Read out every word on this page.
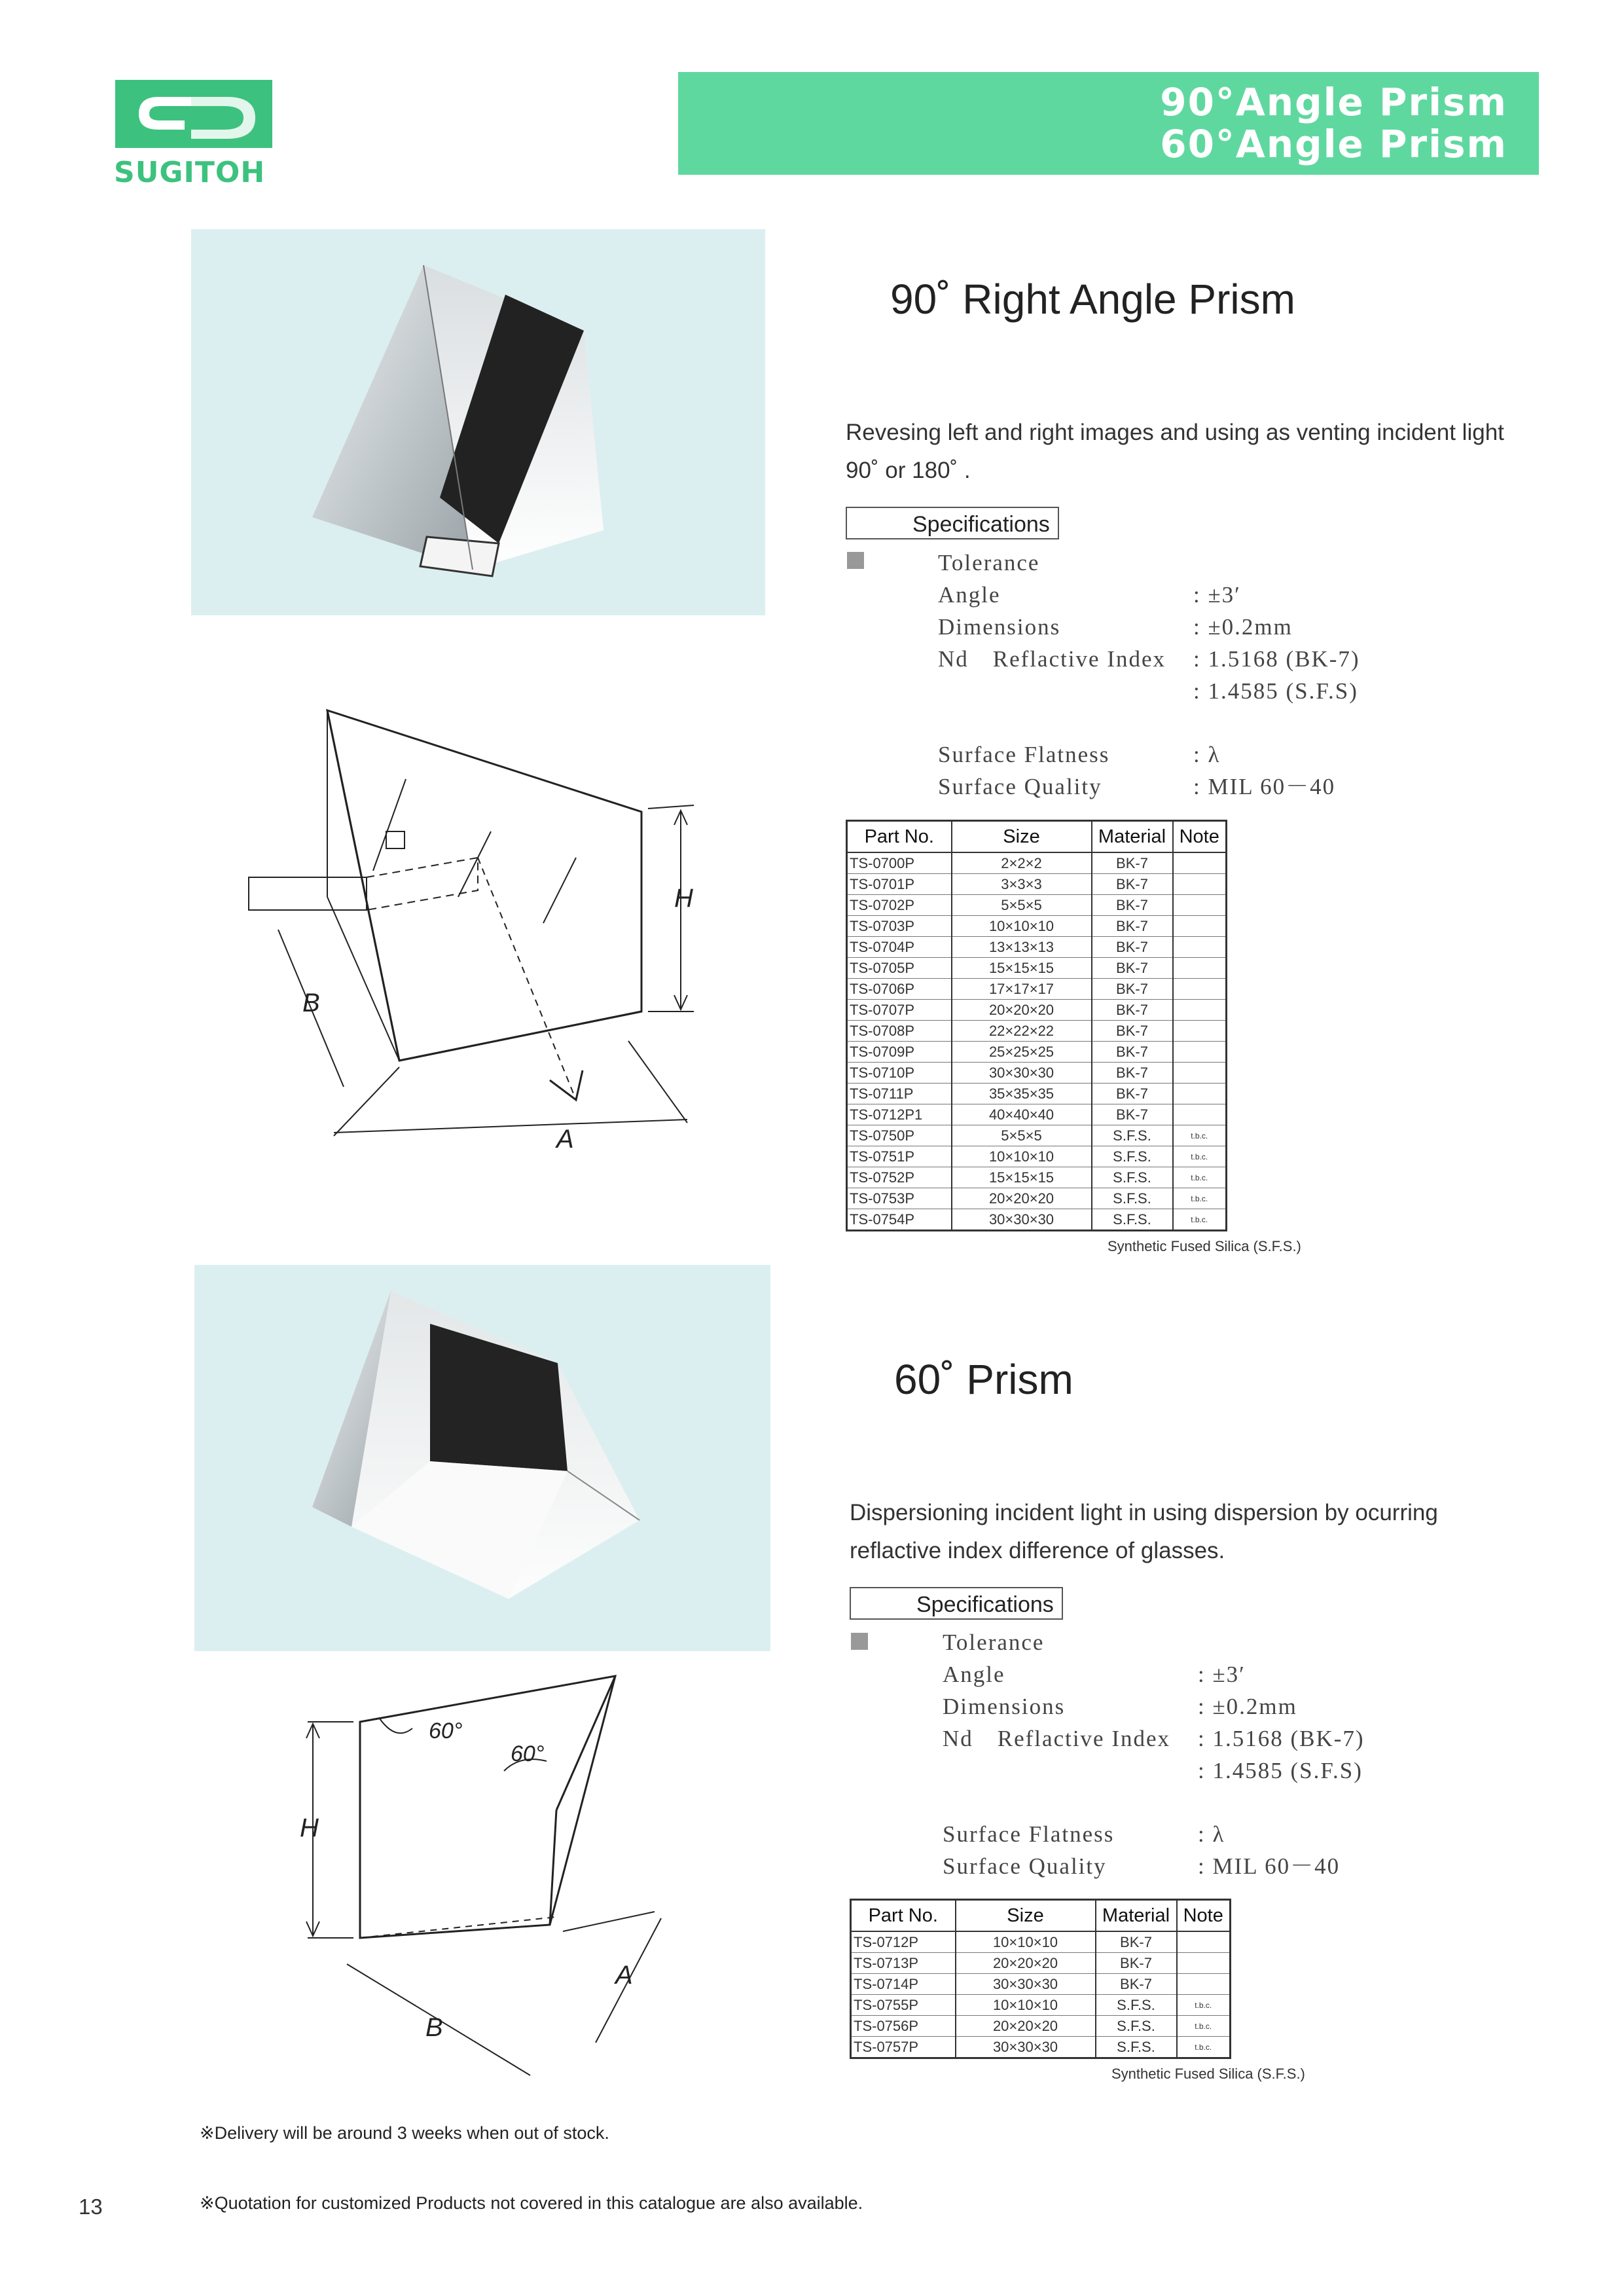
SUGITOH
90°Angle Prism
60°Angle Prism
90˚ Right Angle Prism
Revesing left and right images and using as venting incident light
90˚ or 180˚ .
Specifications
Tolerance
Angle	: ±3′
Dimensions	: ±0.2mm
Nd　Reflactive Index : 1.5168 (BK-7)
: 1.4585 (S.F.S)
Surface Flatness	: λ
Surface Quality	: MIL 60－40
H
B
A
Part No.	Size	Material	Note
TS-0700P	2×2×2	BK-7	
TS-0701P	3×3×3	BK-7	
TS-0702P	5×5×5	BK-7	
TS-0703P	10×10×10	BK-7	
TS-0704P	13×13×13	BK-7	
TS-0705P	15×15×15	BK-7	
TS-0706P	17×17×17	BK-7	
TS-0707P	20×20×20	BK-7	
TS-0708P	22×22×22	BK-7	
TS-0709P	25×25×25	BK-7	
TS-0710P	30×30×30	BK-7	
TS-0711P	35×35×35	BK-7	
TS-0712P1	40×40×40	BK-7	
TS-0750P	5×5×5	S.F.S.	t.b.c.
TS-0751P	10×10×10	S.F.S.	t.b.c.
TS-0752P	15×15×15	S.F.S.	t.b.c.
TS-0753P	20×20×20	S.F.S.	t.b.c.
TS-0754P	30×30×30	S.F.S.	t.b.c.
Synthetic Fused Silica (S.F.S.)
60˚ Prism
Dispersioning incident light in using dispersion by ocurring
reflactive index difference of glasses.
Specifications
Tolerance
Angle	: ±3′
Dimensions	: ±0.2mm
Nd　Reflactive Index : 1.5168 (BK-7)
: 1.4585 (S.F.S)
Surface Flatness	: λ
Surface Quality	: MIL 60－40
60°
60°
H
B
A
Part No.	Size	Material	Note
TS-0712P	10×10×10	BK-7	
TS-0713P	20×20×20	BK-7	
TS-0714P	30×30×30	BK-7	
TS-0755P	10×10×10	S.F.S.	t.b.c.
TS-0756P	20×20×20	S.F.S.	t.b.c.
TS-0757P	30×30×30	S.F.S.	t.b.c.
Synthetic Fused Silica (S.F.S.)
※Delivery will be around 3 weeks when out of stock.
13	※Quotation for customized Products not covered in this catalogue are also available.
